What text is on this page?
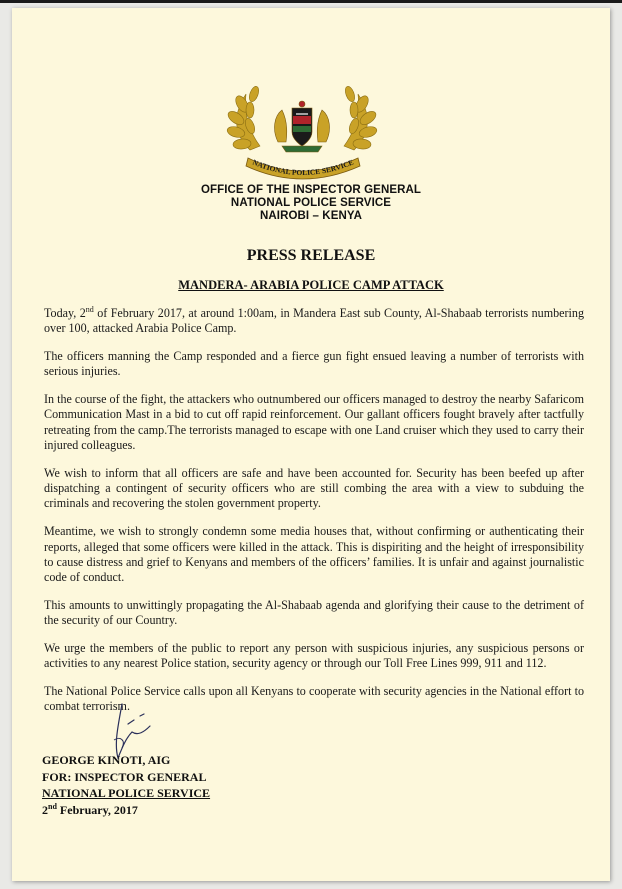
NATIONAL POLICE SERVICE
OFFICE OF THE INSPECTOR GENERAL
NATIONAL POLICE SERVICE
NAIROBI – KENYA
PRESS RELEASE
MANDERA- ARABIA POLICE CAMP ATTACK

Today, 2nd of February 2017, at around 1:00am, in Mandera East sub County, Al-Shabaab terrorists numbering over 100, attacked Arabia Police Camp.

The officers manning the Camp responded and a fierce gun fight ensued leaving a number of terrorists with serious injuries.

In the course of the fight, the attackers who outnumbered our officers managed to destroy the nearby Safaricom Communication Mast in a bid to cut off rapid reinforcement. Our gallant officers fought bravely after tactfully retreating from the camp.The terrorists managed to escape with one Land cruiser which they used to carry their injured colleagues.

We wish to inform that all officers are safe and have been accounted for. Security has been beefed up after dispatching a contingent of security officers who are still combing the area with a view to subduing the criminals and recovering the stolen government property.

Meantime, we wish to strongly condemn some media houses that, without confirming or authenticating their reports, alleged that some officers were killed in the attack. This is dispiriting and the height of irresponsibility to cause distress and grief to Kenyans and members of the officers’ families. It is unfair and against journalistic code of conduct.

This amounts to unwittingly propagating the Al-Shabaab agenda and glorifying their cause to the detriment of the security of our Country.

We urge the members of the public to report any person with suspicious injuries, any suspicious persons or activities to any nearest Police station, security agency or through our Toll Free Lines 999, 911 and 112.

The National Police Service calls upon all Kenyans to cooperate with security agencies in the National effort to combat terrorism.

GEORGE KINOTI, AIG
FOR: INSPECTOR GENERAL
NATIONAL POLICE SERVICE
2nd February, 2017
